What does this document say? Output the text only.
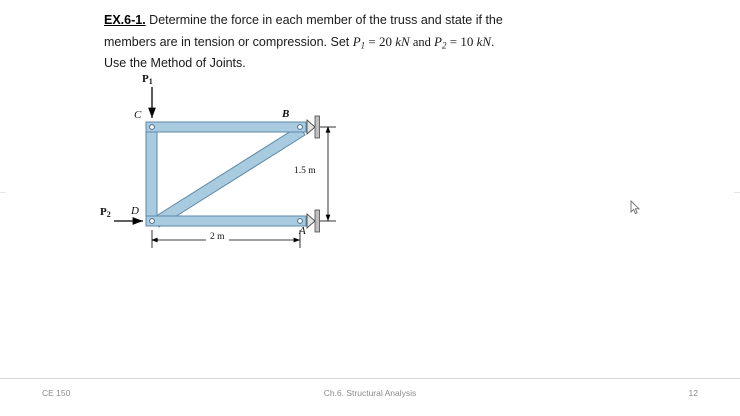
EX.6-1. Determine the force in each member of the truss and state if the
members are in tension or compression. Set $P_1 = 20$ kN and $P_2 = 10$ kN.
Use the Method of Joints.
C	B
D
A
$P_1$
$P_2$
1.5 m
2 m
CE 150	Ch.6. Structural Analysis	12
